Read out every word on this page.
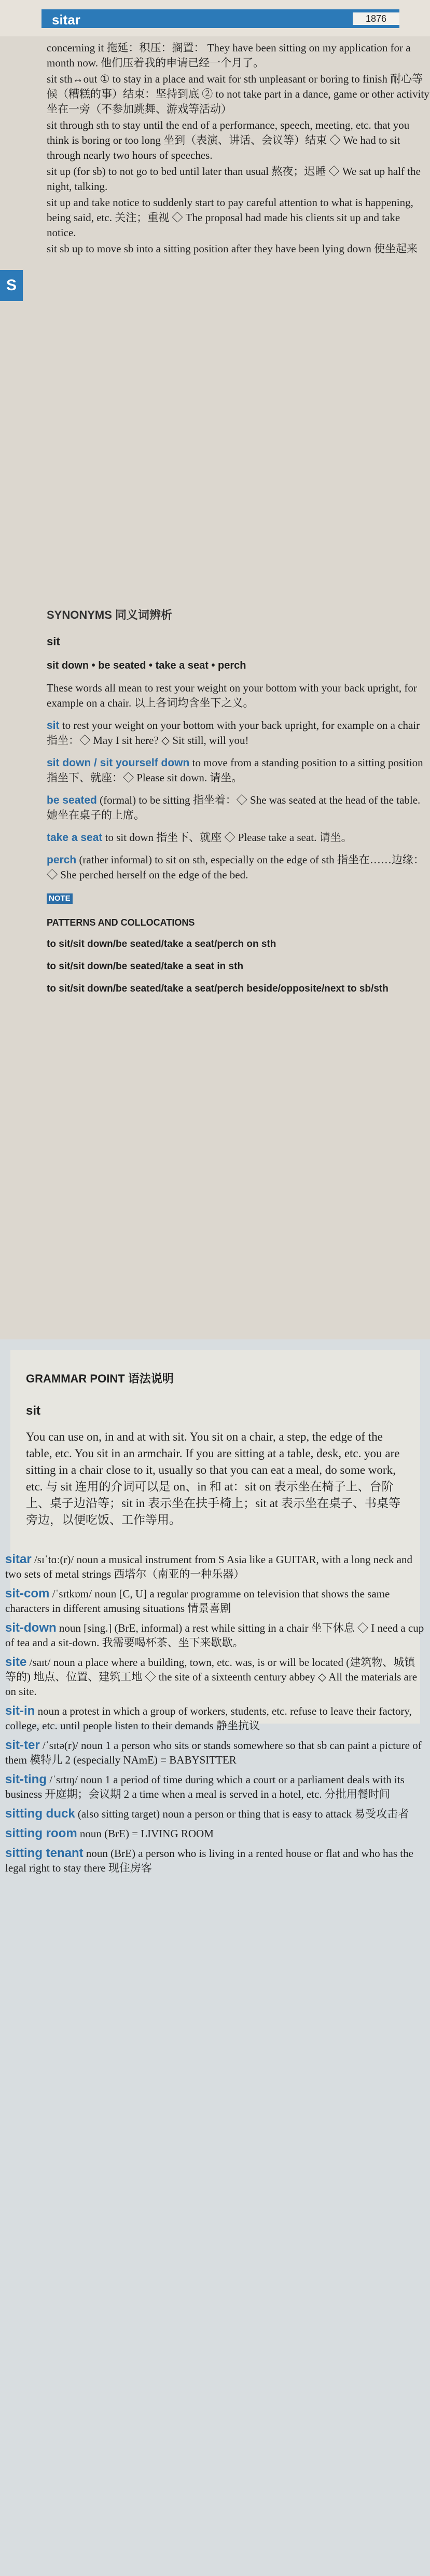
sitar	1876
S

concerning it 拖延：积压：搁置： They have been sitting on my application for a month now. 他们压着我的申请已经一个月了。

sit sth↔out ① to stay in a place and wait for sth unpleasant or boring to finish 耐心等候（糟糕的事）结束：坚持到底 ② to not take part in a dance, game or other activity 坐在一旁（不参加跳舞、游戏等活动）

sit through sth to stay until the end of a performance, speech, meeting, etc. that you think is boring or too long 坐到（表演、讲话、会议等）结束 ◇ We had to sit through nearly two hours of speeches.

sit up (for sb) to not go to bed until later than usual 熬夜；迟睡 ◇ We sat up half the night, talking.

sit up and take notice to suddenly start to pay careful attention to what is happening, being said, etc. 关注；重视 ◇ The proposal had made his clients sit up and take notice.

sit sb up to move sb into a sitting position after they have been lying down 使坐起来

SYNONYMS 同义词辨析
sit
sit down • be seated • take a seat • perch
These words all mean to rest your weight on your bottom with your back upright, for example on a chair. 以上各词均含坐下之义。
sit to rest your weight on your bottom with your back upright, for example on a chair 指坐：◇ May I sit here? ◇ Sit still, will you!
sit down / sit yourself down to move from a standing position to a sitting position 指坐下、就座：◇ Please sit down. 请坐。
be seated (formal) to be sitting 指坐着：◇ She was seated at the head of the table. 她坐在桌子的上席。
take a seat to sit down 指坐下、就座 ◇ Please take a seat. 请坐。
perch (rather informal) to sit on sth, especially on the edge of sth 指坐在……边缘：◇ She perched herself on the edge of the bed.
NOTE
PATTERNS AND COLLOCATIONS
to sit/sit down/be seated/take a seat/perch on sth
to sit/sit down/be seated/take a seat in sth
to sit/sit down/be seated/take a seat/perch beside/opposite/next to sb/sth
GRAMMAR POINT 语法说明
sit
You can use on, in and at with sit. You sit on a chair, a step, the edge of the table, etc. You sit in an armchair. If you are sitting at a table, desk, etc. you are sitting in a chair close to it, usually so that you can eat a meal, do some work, etc. 与 sit 连用的介词可以是 on、in 和 at：sit on 表示坐在椅子上、台阶上、桌子边沿等；sit in 表示坐在扶手椅上；sit at 表示坐在桌子、书桌等旁边，以便吃饭、工作等用。
sitar /sɪˈtɑː(r)/ noun a musical instrument from S Asia like a GUITAR, with a long neck and two sets of metal strings 西塔尔（南亚的一种乐器）
sit-com /ˈsɪtkɒm/ noun [C, U] a regular programme on television that shows the same characters in different amusing situations 情景喜剧
sit-down noun [sing.] (BrE, informal) a rest while sitting in a chair 坐下休息 ◇ I need a cup of tea and a sit-down. 我需要喝杯茶、坐下来歇歇。
site /saɪt/ noun a place where a building, town, etc. was, is or will be located (建筑物、城镇等的) 地点、位置、建筑工地 ◇ the site of a sixteenth century abbey ◇ All the materials are on site.
sit-in noun a protest in which a group of workers, students, etc. refuse to leave their factory, college, etc. until people listen to their demands 静坐抗议
sit-ter /ˈsɪtə(r)/ noun 1 a person who sits or stands somewhere so that sb can paint a picture of them 模特儿 2 (especially NAmE) = BABYSITTER
sit-ting /ˈsɪtɪŋ/ noun 1 a period of time during which a court or a parliament deals with its business 开庭期；会议期 2 a time when a meal is served in a hotel, etc. 分批用餐时间
sitting duck (also sitting target) noun a person or thing that is easy to attack 易受攻击者
sitting room noun (BrE) = LIVING ROOM
sitting tenant noun (BrE) a person who is living in a rented house or flat and who has the legal right to stay there 现住房客
